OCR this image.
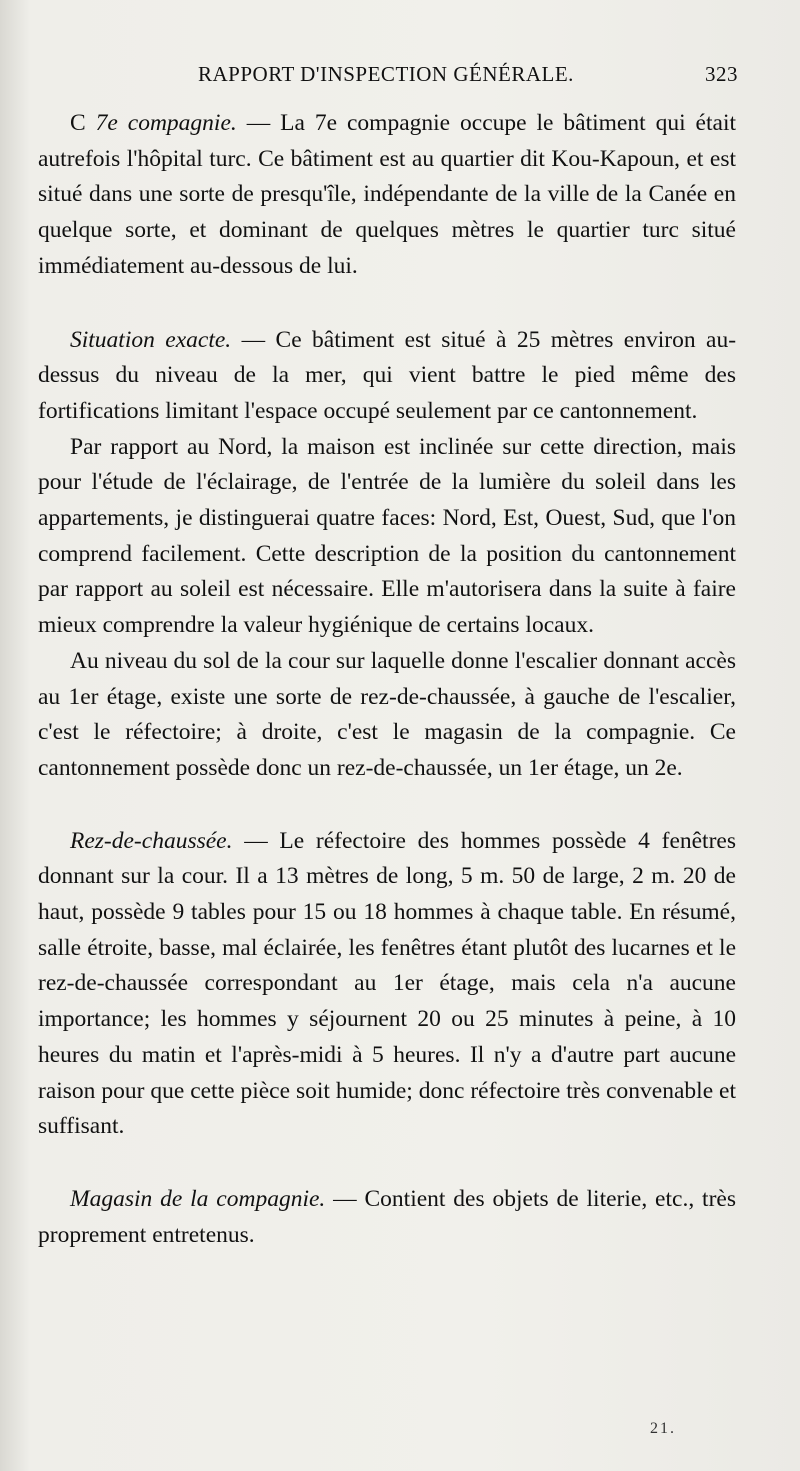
RAPPORT D'INSPECTION GÉNÉRALE.	323

C 7e compagnie. — La 7e compagnie occupe le bâtiment qui était autrefois l'hôpital turc. Ce bâtiment est au quartier dit Kou-Kapoun, et est situé dans une sorte de presqu'île, indépendante de la ville de la Canée en quelque sorte, et dominant de quelques mètres le quartier turc situé immédiatement au-dessous de lui.

Situation exacte. — Ce bâtiment est situé à 25 mètres environ au-dessus du niveau de la mer, qui vient battre le pied même des fortifications limitant l'espace occupé seulement par ce cantonnement.

Par rapport au Nord, la maison est inclinée sur cette direction, mais pour l'étude de l'éclairage, de l'entrée de la lumière du soleil dans les appartements, je distinguerai quatre faces: Nord, Est, Ouest, Sud, que l'on comprend facilement. Cette description de la position du cantonnement par rapport au soleil est nécessaire. Elle m'autorisera dans la suite à faire mieux comprendre la valeur hygiénique de certains locaux.

Au niveau du sol de la cour sur laquelle donne l'escalier donnant accès au 1er étage, existe une sorte de rez-de-chaussée, à gauche de l'escalier, c'est le réfectoire; à droite, c'est le magasin de la compagnie. Ce cantonnement possède donc un rez-de-chaussée, un 1er étage, un 2e.

Rez-de-chaussée. — Le réfectoire des hommes possède 4 fenêtres donnant sur la cour. Il a 13 mètres de long, 5 m. 50 de large, 2 m. 20 de haut, possède 9 tables pour 15 ou 18 hommes à chaque table. En résumé, salle étroite, basse, mal éclairée, les fenêtres étant plutôt des lucarnes et le rez-de-chaussée correspondant au 1er étage, mais cela n'a aucune importance; les hommes y séjournent 20 ou 25 minutes à peine, à 10 heures du matin et l'après-midi à 5 heures. Il n'y a d'autre part aucune raison pour que cette pièce soit humide; donc réfectoire très convenable et suffisant.

Magasin de la compagnie. — Contient des objets de literie, etc., très proprement entretenus.

21.
